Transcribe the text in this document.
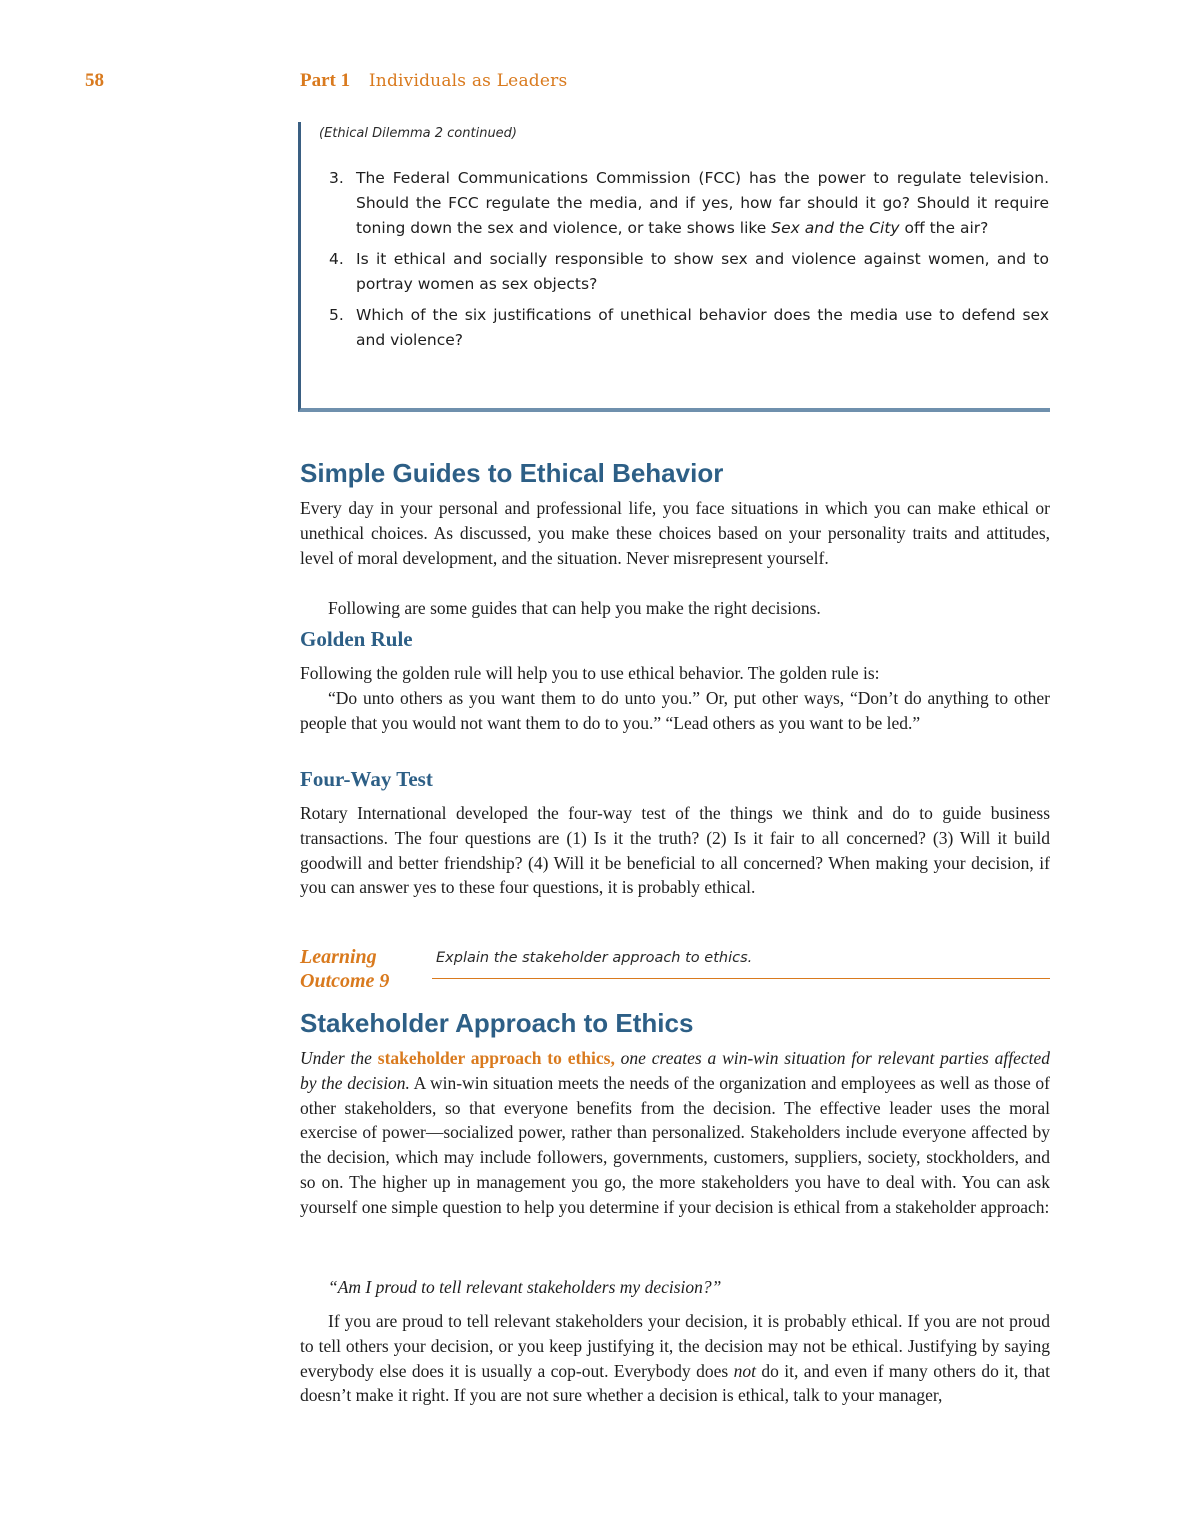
58	Part 1 Individuals as Leaders
(Ethical Dilemma 2 continued)
3. The Federal Communications Commission (FCC) has the power to regulate television. Should the FCC regulate the media, and if yes, how far should it go? Should it require toning down the sex and violence, or take shows like Sex and the City off the air?
4. Is it ethical and socially responsible to show sex and violence against women, and to portray women as sex objects?
5. Which of the six justifications of unethical behavior does the media use to defend sex and violence?
Simple Guides to Ethical Behavior

Every day in your personal and professional life, you face situations in which you can make ethical or unethical choices. As discussed, you make these choices based on your personality traits and attitudes, level of moral development, and the situation. Never misrepresent yourself.

Following are some guides that can help you make the right decisions.

Golden Rule

Following the golden rule will help you to use ethical behavior. The golden rule is:

“Do unto others as you want them to do unto you.” Or, put other ways, “Don’t do anything to other people that you would not want them to do to you.” “Lead others as you want to be led.”

Four-Way Test

Rotary International developed the four-way test of the things we think and do to guide business transactions. The four questions are (1) Is it the truth? (2) Is it fair to all concerned? (3) Will it build goodwill and better friendship? (4) Will it be beneficial to all concerned? When making your decision, if you can answer yes to these four questions, it is probably ethical.

Learning
Outcome 9
Explain the stakeholder approach to ethics.
Stakeholder Approach to Ethics

Under the stakeholder approach to ethics, one creates a win-win situation for relevant parties affected by the decision. A win-win situation meets the needs of the organization and employees as well as those of other stakeholders, so that everyone benefits from the decision. The effective leader uses the moral exercise of power—socialized power, rather than personalized. Stakeholders include everyone affected by the decision, which may include followers, governments, customers, suppliers, society, stockholders, and so on. The higher up in management you go, the more stakeholders you have to deal with. You can ask yourself one simple question to help you determine if your decision is ethical from a stakeholder approach:

“Am I proud to tell relevant stakeholders my decision?”

If you are proud to tell relevant stakeholders your decision, it is probably ethical. If you are not proud to tell others your decision, or you keep justifying it, the decision may not be ethical. Justifying by saying everybody else does it is usually a cop-out. Everybody does not do it, and even if many others do it, that doesn’t make it right. If you are not sure whether a decision is ethical, talk to your manager,
